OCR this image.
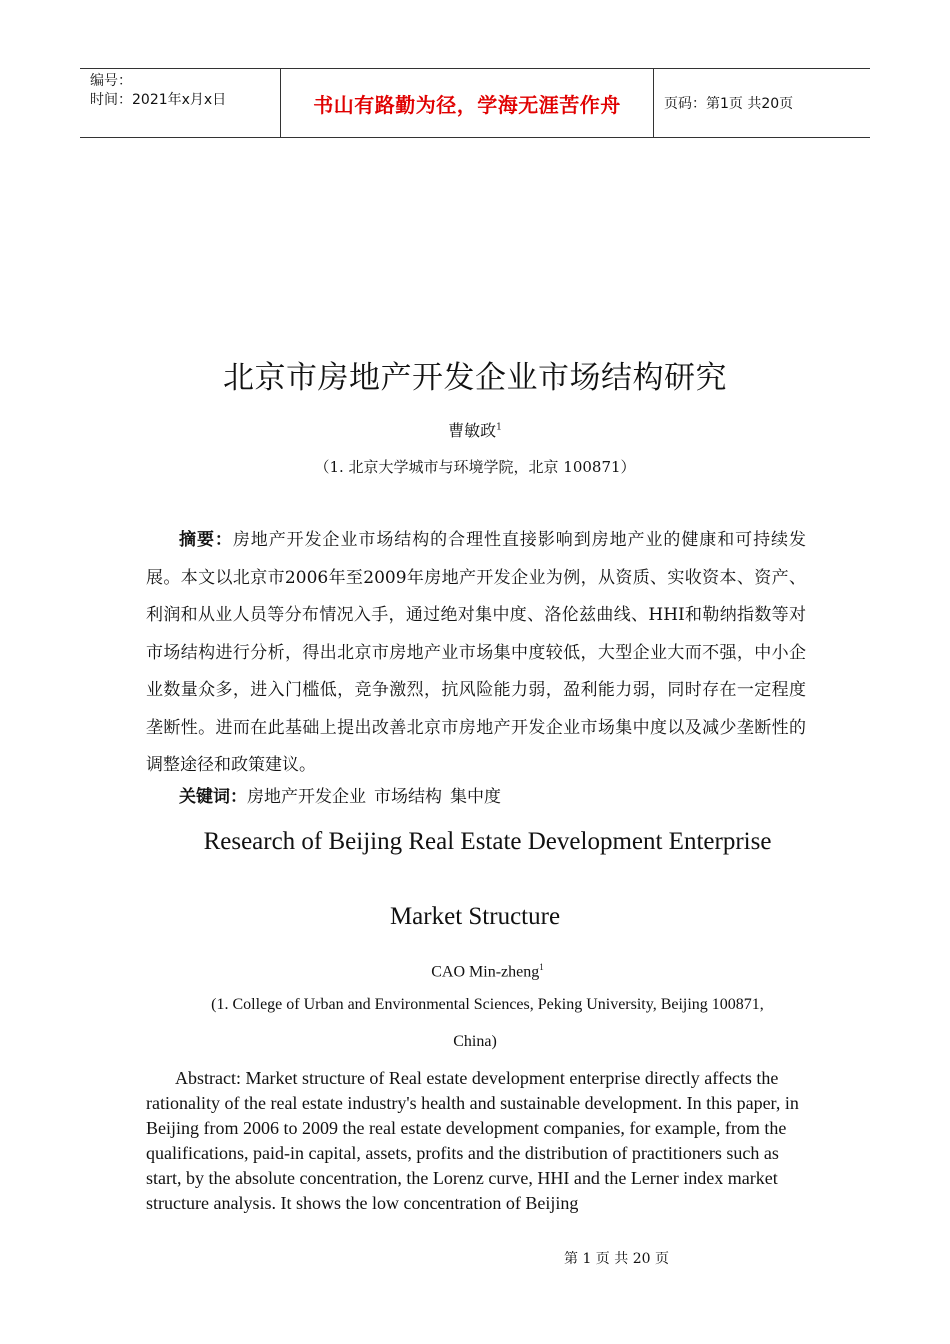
编号：
时间：2021年x月x日	书山有路勤为径，学海无涯苦作舟	页码：第1页 共20页
北京市房地产开发企业市场结构研究
曹敏政$^1$
（1. 北京大学城市与环境学院，北京 100871）

摘要：房地产开发企业市场结构的合理性直接影响到房地产业的健康和可持续发展。本文以北京市2006年至2009年房地产开发企业为例，从资质、实收资本、资产、利润和从业人员等分布情况入手，通过绝对集中度、洛伦兹曲线、HHI和勒纳指数等对市场结构进行分析，得出北京市房地产业市场集中度较低，大型企业大而不强，中小企业数量众多，进入门槛低，竞争激烈，抗风险能力弱，盈利能力弱，同时存在一定程度垄断性。进而在此基础上提出改善北京市房地产开发企业市场集中度以及减少垄断性的调整途径和政策建议。

关键词：房地产开发企业 市场结构 集中度
Research of Beijing Real Estate Development Enterprise
Market Structure
CAO Min-zheng$^1$
(1. College of Urban and Environmental Sciences, Peking University, Beijing 100871,
China)

Abstract: Market structure of Real estate development enterprise directly affects the rationality of the real estate industry's health and sustainable development. In this paper, in Beijing from 2006 to 2009 the real estate development companies, for example, from the qualifications, paid-in capital, assets, profits and the distribution of practitioners such as start, by the absolute concentration, the Lorenz curve, HHI and the Lerner index market structure analysis. It shows the low concentration of Beijing

第 1 页 共 20 页
